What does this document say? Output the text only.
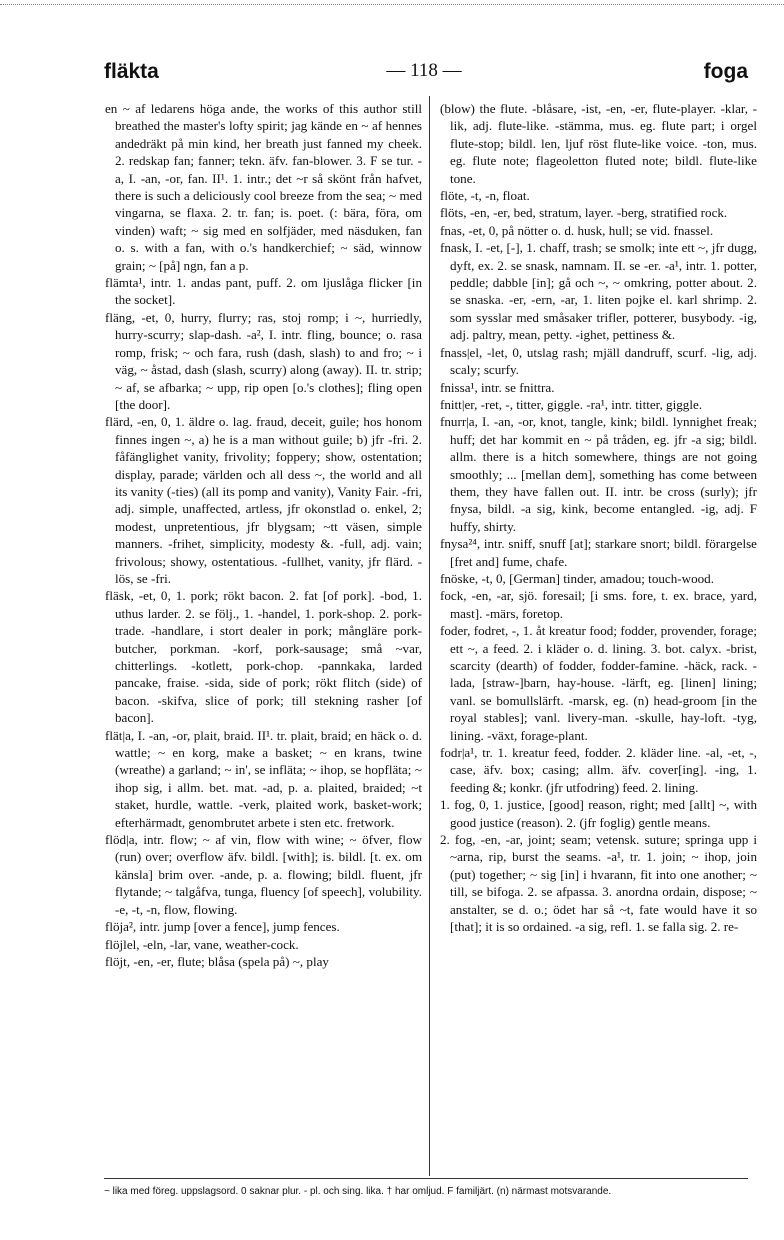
fläkta	— 118 —	foga

en ~ af ledarens höga ande, the works of this author still breathed the master's lofty spirit; jag kände en ~ af hennes andedräkt på min kind, her breath just fanned my cheek. 2. redskap fan; fanner; tekn. äfv. fan-blower. 3. F se tur. -a, I. -an, -or, fan. II¹. 1. intr.; det ~r så skönt från hafvet, there is such a deliciously cool breeze from the sea; ~ med vingarna, se flaxa. 2. tr. fan; is. poet. (: bära, föra, om vinden) waft; ~ sig med en solfjäder, med näsduken, fan o. s. with a fan, with o.'s handkerchief; ~ säd, winnow grain; ~ [på] ngn, fan a p.

flämta¹, intr. 1. andas pant, puff. 2. om ljuslåga flicker [in the socket].

fläng, -et, 0, hurry, flurry; ras, stoj romp; i ~, hurriedly, hurry-scurry; slap-dash. -a², I. intr. fling, bounce; o. rasa romp, frisk; ~ och fara, rush (dash, slash) to and fro; ~ i väg, ~ åstad, dash (slash, scurry) along (away). II. tr. strip; ~ af, se afbarka; ~ upp, rip open [o.'s clothes]; fling open [the door].

flärd, -en, 0, 1. äldre o. lag. fraud, deceit, guile; hos honom finnes ingen ~, a) he is a man without guile; b) jfr -fri. 2. fåfänglighet vanity, frivolity; foppery; show, ostentation; display, parade; världen och all dess ~, the world and all its vanity (-ties) (all its pomp and vanity), Vanity Fair. -fri, adj. simple, unaffected, artless, jfr okonstlad o. enkel, 2; modest, unpretentious, jfr blygsam; ~tt väsen, simple manners. -frihet, simplicity, modesty &. -full, adj. vain; frivolous; showy, ostentatious. -fullhet, vanity, jfr flärd. -lös, se -fri.

fläsk, -et, 0, 1. pork; rökt bacon. 2. fat [of pork]. -bod, 1. uthus larder. 2. se följ., 1. -handel, 1. pork-shop. 2. pork-trade. -handlare, i stort dealer in pork; mångläre pork-butcher, porkman. -korf, pork-sausage; små ~var, chitterlings. -kotlett, pork-chop. -pannkaka, larded pancake, fraise. -sida, side of pork; rökt flitch (side) of bacon. -skifva, slice of pork; till stekning rasher [of bacon].

flät|a, I. -an, -or, plait, braid. II¹. tr. plait, braid; en häck o. d. wattle; ~ en korg, make a basket; ~ en krans, twine (wreathe) a garland; ~ in', se infläta; ~ ihop, se hopfläta; ~ ihop sig, i allm. bet. mat. -ad, p. a. plaited, braided; ~t staket, hurdle, wattle. -verk, plaited work, basket-work; efterhärmadt, genombrutet arbete i sten etc. fretwork.

flöd|a, intr. flow; ~ af vin, flow with wine; ~ öfver, flow (run) over; overflow äfv. bildl. [with]; is. bildl. [t. ex. om känsla] brim over. -ande, p. a. flowing; bildl. fluent, jfr flytande; ~ talgåfva, tunga, fluency [of speech], volubility. -e, -t, -n, flow, flowing.

flöja², intr. jump [over a fence], jump fences.

flöjlel, -eln, -lar, vane, weather-cock.

flöjt, -en, -er, flute; blåsa (spela på) ~, play

(blow) the flute. -blåsare, -ist, -en, -er, flute-player. -klar, -lik, adj. flute-like. -stämma, mus. eg. flute part; i orgel flute-stop; bildl. len, ljuf röst flute-like voice. -ton, mus. eg. flute note; flageoletton fluted note; bildl. flute-like tone.

flöte, -t, -n, float.

flöts, -en, -er, bed, stratum, layer. -berg, stratified rock.

fnas, -et, 0, på nötter o. d. husk, hull; se vid. fnassel.

fnask, I. -et, [-], 1. chaff, trash; se smolk; inte ett ~, jfr dugg, dyft, ex. 2. se snask, namnam. II. se -er. -a¹, intr. 1. potter, peddle; dabble [in]; gå och ~, ~ omkring, potter about. 2. se snaska. -er, -ern, -ar, 1. liten pojke el. karl shrimp. 2. som sysslar med småsaker trifler, potterer, busybody. -ig, adj. paltry, mean, petty. -ighet, pettiness &.

fnass|el, -let, 0, utslag rash; mjäll dandruff, scurf. -lig, adj. scaly; scurfy.

fnissa¹, intr. se fnittra.

fnitt|er, -ret, -, titter, giggle. -ra¹, intr. titter, giggle.

fnurr|a, I. -an, -or, knot, tangle, kink; bildl. lynnighet freak; huff; det har kommit en ~ på tråden, eg. jfr -a sig; bildl. allm. there is a hitch somewhere, things are not going smoothly; ... [mellan dem], something has come between them, they have fallen out. II. intr. be cross (surly); jfr fnysa, bildl. -a sig, kink, become entangled. -ig, adj. F huffy, shirty.

fnysa²⁴, intr. sniff, snuff [at]; starkare snort; bildl. förargelse [fret and] fume, chafe.

fnöske, -t, 0, [German] tinder, amadou; touch-wood.

fock, -en, -ar, sjö. foresail; [i sms. fore, t. ex. brace, yard, mast]. -märs, foretop.

foder, fodret, -, 1. åt kreatur food; fodder, provender, forage; ett ~, a feed. 2. i kläder o. d. lining. 3. bot. calyx. -brist, scarcity (dearth) of fodder, fodder-famine. -häck, rack. -lada, [straw-]barn, hay-house. -lärft, eg. [linen] lining; vanl. se bomullslärft. -marsk, eg. (n) head-groom [in the royal stables]; vanl. livery-man. -skulle, hay-loft. -tyg, lining. -växt, forage-plant.

fodr|a¹, tr. 1. kreatur feed, fodder. 2. kläder line. -al, -et, -, case, äfv. box; casing; allm. äfv. cover[ing]. -ing, 1. feeding &; konkr. (jfr utfodring) feed. 2. lining.

1. fog, 0, 1. justice, [good] reason, right; med [allt] ~, with good justice (reason). 2. (jfr foglig) gentle means.

2. fog, -en, -ar, joint; seam; vetensk. suture; springa upp i ~arna, rip, burst the seams. -a¹, tr. 1. join; ~ ihop, join (put) together; ~ sig [in] i hvarann, fit into one another; ~ till, se bifoga. 2. se afpassa. 3. anordna ordain, dispose; ~ anstalter, se d. o.; ödet har så ~t, fate would have it so [that]; it is so ordained. -a sig, refl. 1. se falla sig. 2. re-

~ lika med föreg. uppslagsord. 0 saknar plur. - pl. och sing. lika. † har omljud. F familjärt. (n) närmast motsvarande.
